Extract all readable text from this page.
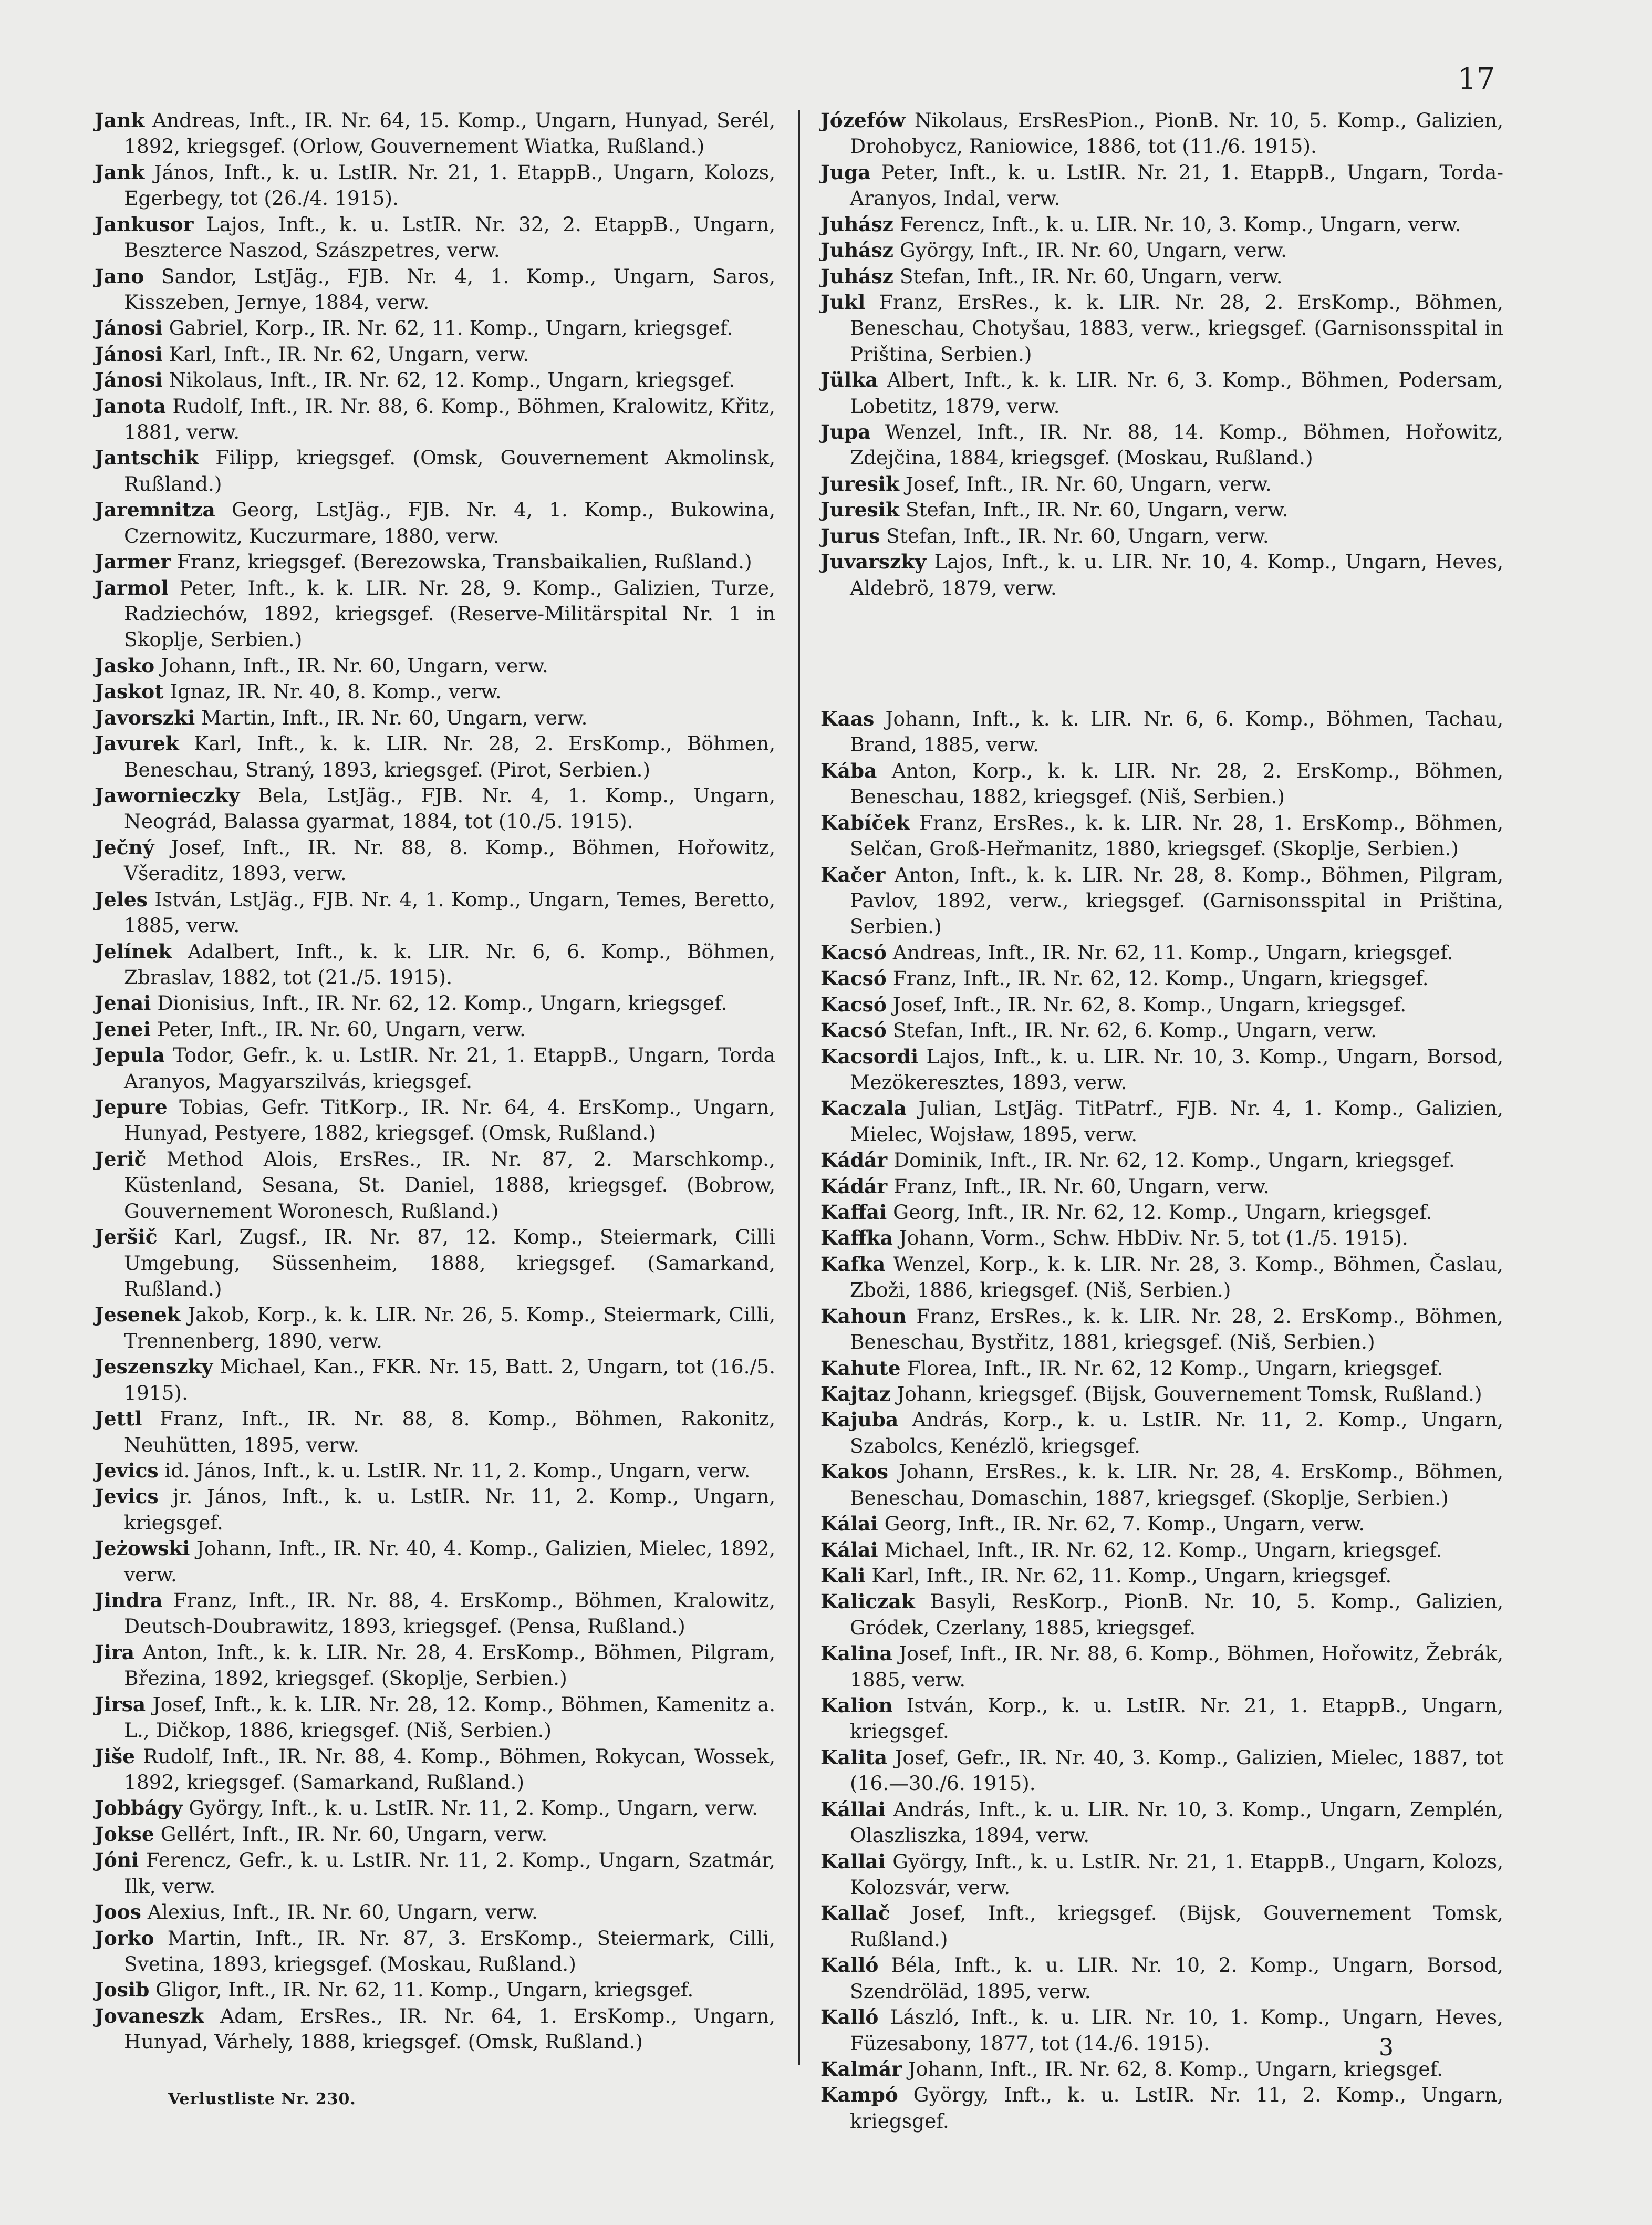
17

Jank Andreas, Inft., IR. Nr. 64, 15. Komp., Ungarn, Hunyad, Serél, 1892, kriegsgef. (Orlow, Gouvernement Wiatka, Rußland.)

Jank János, Inft., k. u. LstIR. Nr. 21, 1. EtappB., Ungarn, Kolozs, Egerbegy, tot (26./4. 1915).

Jankusor Lajos, Inft., k. u. LstIR. Nr. 32, 2. EtappB., Ungarn, Beszterce Naszod, Szászpetres, verw.

Jano Sandor, LstJäg., FJB. Nr. 4, 1. Komp., Ungarn, Saros, Kisszeben, Jernye, 1884, verw.

Jánosi Gabriel, Korp., IR. Nr. 62, 11. Komp., Ungarn, kriegsgef.

Jánosi Karl, Inft., IR. Nr. 62, Ungarn, verw.

Jánosi Nikolaus, Inft., IR. Nr. 62, 12. Komp., Ungarn, kriegsgef.

Janota Rudolf, Inft., IR. Nr. 88, 6. Komp., Böhmen, Kralowitz, Křitz, 1881, verw.

Jantschik Filipp, kriegsgef. (Omsk, Gouvernement Akmolinsk, Rußland.)

Jaremnitza Georg, LstJäg., FJB. Nr. 4, 1. Komp., Bukowina, Czernowitz, Kuczurmare, 1880, verw.

Jarmer Franz, kriegsgef. (Berezowska, Transbaikalien, Rußland.)

Jarmol Peter, Inft., k. k. LIR. Nr. 28, 9. Komp., Galizien, Turze, Radziechów, 1892, kriegsgef. (Reserve-Militärspital Nr. 1 in Skoplje, Serbien.)

Jasko Johann, Inft., IR. Nr. 60, Ungarn, verw.

Jaskot Ignaz, IR. Nr. 40, 8. Komp., verw.

Javorszki Martin, Inft., IR. Nr. 60, Ungarn, verw.

Javurek Karl, Inft., k. k. LIR. Nr. 28, 2. ErsKomp., Böhmen, Beneschau, Straný, 1893, kriegsgef. (Pirot, Serbien.)

Jawornieczky Bela, LstJäg., FJB. Nr. 4, 1. Komp., Ungarn, Neográd, Balassa gyarmat, 1884, tot (10./5. 1915).

Ječný Josef, Inft., IR. Nr. 88, 8. Komp., Böhmen, Hořowitz, Všeraditz, 1893, verw.

Jeles István, LstJäg., FJB. Nr. 4, 1. Komp., Ungarn, Temes, Beretto, 1885, verw.

Jelínek Adalbert, Inft., k. k. LIR. Nr. 6, 6. Komp., Böhmen, Zbraslav, 1882, tot (21./5. 1915).

Jenai Dionisius, Inft., IR. Nr. 62, 12. Komp., Ungarn, kriegsgef.

Jenei Peter, Inft., IR. Nr. 60, Ungarn, verw.

Jepula Todor, Gefr., k. u. LstIR. Nr. 21, 1. EtappB., Ungarn, Torda Aranyos, Magyarszilvás, kriegsgef.

Jepure Tobias, Gefr. TitKorp., IR. Nr. 64, 4. ErsKomp., Ungarn, Hunyad, Pestyere, 1882, kriegsgef. (Omsk, Rußland.)

Jerič Method Alois, ErsRes., IR. Nr. 87, 2. Marschkomp., Küstenland, Sesana, St. Daniel, 1888, kriegsgef. (Bobrow, Gouvernement Woronesch, Rußland.)

Jeršič Karl, Zugsf., IR. Nr. 87, 12. Komp., Steiermark, Cilli Umgebung, Süssenheim, 1888, kriegsgef. (Samarkand, Rußland.)

Jesenek Jakob, Korp., k. k. LIR. Nr. 26, 5. Komp., Steiermark, Cilli, Trennenberg, 1890, verw.

Jeszenszky Michael, Kan., FKR. Nr. 15, Batt. 2, Ungarn, tot (16./5. 1915).

Jettl Franz, Inft., IR. Nr. 88, 8. Komp., Böhmen, Rakonitz, Neuhütten, 1895, verw.

Jevics id. János, Inft., k. u. LstIR. Nr. 11, 2. Komp., Ungarn, verw.

Jevics jr. János, Inft., k. u. LstIR. Nr. 11, 2. Komp., Ungarn, kriegsgef.

Jeżowski Johann, Inft., IR. Nr. 40, 4. Komp., Galizien, Mielec, 1892, verw.

Jindra Franz, Inft., IR. Nr. 88, 4. ErsKomp., Böhmen, Kralowitz, Deutsch-Doubrawitz, 1893, kriegsgef. (Pensa, Rußland.)

Jira Anton, Inft., k. k. LIR. Nr. 28, 4. ErsKomp., Böhmen, Pilgram, Březina, 1892, kriegsgef. (Skoplje, Serbien.)

Jirsa Josef, Inft., k. k. LIR. Nr. 28, 12. Komp., Böhmen, Kamenitz a. L., Dičkop, 1886, kriegsgef. (Niš, Serbien.)

Jiše Rudolf, Inft., IR. Nr. 88, 4. Komp., Böhmen, Rokycan, Wossek, 1892, kriegsgef. (Samarkand, Rußland.)

Jobbágy György, Inft., k. u. LstIR. Nr. 11, 2. Komp., Ungarn, verw.

Jokse Gellért, Inft., IR. Nr. 60, Ungarn, verw.

Jóni Ferencz, Gefr., k. u. LstIR. Nr. 11, 2. Komp., Ungarn, Szatmár, Ilk, verw.

Joos Alexius, Inft., IR. Nr. 60, Ungarn, verw.

Jorko Martin, Inft., IR. Nr. 87, 3. ErsKomp., Steiermark, Cilli, Svetina, 1893, kriegsgef. (Moskau, Rußland.)

Josib Gligor, Inft., IR. Nr. 62, 11. Komp., Ungarn, kriegsgef.

Jovaneszk Adam, ErsRes., IR. Nr. 64, 1. ErsKomp., Ungarn, Hunyad, Várhely, 1888, kriegsgef. (Omsk, Rußland.)

Józefów Nikolaus, ErsResPion., PionB. Nr. 10, 5. Komp., Galizien, Drohobycz, Raniowice, 1886, tot (11./6. 1915).

Juga Peter, Inft., k. u. LstIR. Nr. 21, 1. EtappB., Ungarn, Torda-Aranyos, Indal, verw.

Juhász Ferencz, Inft., k. u. LIR. Nr. 10, 3. Komp., Ungarn, verw.

Juhász György, Inft., IR. Nr. 60, Ungarn, verw.

Juhász Stefan, Inft., IR. Nr. 60, Ungarn, verw.

Jukl Franz, ErsRes., k. k. LIR. Nr. 28, 2. ErsKomp., Böhmen, Beneschau, Chotyšau, 1883, verw., kriegsgef. (Garnisonsspital in Priština, Serbien.)

Jülka Albert, Inft., k. k. LIR. Nr. 6, 3. Komp., Böhmen, Podersam, Lobetitz, 1879, verw.

Jupa Wenzel, Inft., IR. Nr. 88, 14. Komp., Böhmen, Hořowitz, Zdejčina, 1884, kriegsgef. (Moskau, Rußland.)

Juresik Josef, Inft., IR. Nr. 60, Ungarn, verw.

Juresik Stefan, Inft., IR. Nr. 60, Ungarn, verw.

Jurus Stefan, Inft., IR. Nr. 60, Ungarn, verw.

Juvarszky Lajos, Inft., k. u. LIR. Nr. 10, 4. Komp., Ungarn, Heves, Aldebrö, 1879, verw.

Kaas Johann, Inft., k. k. LIR. Nr. 6, 6. Komp., Böhmen, Tachau, Brand, 1885, verw.

Kába Anton, Korp., k. k. LIR. Nr. 28, 2. ErsKomp., Böhmen, Beneschau, 1882, kriegsgef. (Niš, Serbien.)

Kabíček Franz, ErsRes., k. k. LIR. Nr. 28, 1. ErsKomp., Böhmen, Selčan, Groß-Heřmanitz, 1880, kriegsgef. (Skoplje, Serbien.)

Kačer Anton, Inft., k. k. LIR. Nr. 28, 8. Komp., Böhmen, Pilgram, Pavlov, 1892, verw., kriegsgef. (Garnisonsspital in Priština, Serbien.)

Kacsó Andreas, Inft., IR. Nr. 62, 11. Komp., Ungarn, kriegsgef.

Kacsó Franz, Inft., IR. Nr. 62, 12. Komp., Ungarn, kriegsgef.

Kacsó Josef, Inft., IR. Nr. 62, 8. Komp., Ungarn, kriegsgef.

Kacsó Stefan, Inft., IR. Nr. 62, 6. Komp., Ungarn, verw.

Kacsordi Lajos, Inft., k. u. LIR. Nr. 10, 3. Komp., Ungarn, Borsod, Mezökeresztes, 1893, verw.

Kaczala Julian, LstJäg. TitPatrf., FJB. Nr. 4, 1. Komp., Galizien, Mielec, Wojsław, 1895, verw.

Kádár Dominik, Inft., IR. Nr. 62, 12. Komp., Ungarn, kriegsgef.

Kádár Franz, Inft., IR. Nr. 60, Ungarn, verw.

Kaffai Georg, Inft., IR. Nr. 62, 12. Komp., Ungarn, kriegsgef.

Kaffka Johann, Vorm., Schw. HbDiv. Nr. 5, tot (1./5. 1915).

Kafka Wenzel, Korp., k. k. LIR. Nr. 28, 3. Komp., Böhmen, Časlau, Zboži, 1886, kriegsgef. (Niš, Serbien.)

Kahoun Franz, ErsRes., k. k. LIR. Nr. 28, 2. ErsKomp., Böhmen, Beneschau, Bystřitz, 1881, kriegsgef. (Niš, Serbien.)

Kahute Florea, Inft., IR. Nr. 62, 12 Komp., Ungarn, kriegsgef.

Kajtaz Johann, kriegsgef. (Bijsk, Gouvernement Tomsk, Rußland.)

Kajuba András, Korp., k. u. LstIR. Nr. 11, 2. Komp., Ungarn, Szabolcs, Kenézlö, kriegsgef.

Kakos Johann, ErsRes., k. k. LIR. Nr. 28, 4. ErsKomp., Böhmen, Beneschau, Domaschin, 1887, kriegsgef. (Skoplje, Serbien.)

Kálai Georg, Inft., IR. Nr. 62, 7. Komp., Ungarn, verw.

Kálai Michael, Inft., IR. Nr. 62, 12. Komp., Ungarn, kriegsgef.

Kali Karl, Inft., IR. Nr. 62, 11. Komp., Ungarn, kriegsgef.

Kaliczak Basyli, ResKorp., PionB. Nr. 10, 5. Komp., Galizien, Gródek, Czerlany, 1885, kriegsgef.

Kalina Josef, Inft., IR. Nr. 88, 6. Komp., Böhmen, Hořowitz, Žebrák, 1885, verw.

Kalion István, Korp., k. u. LstIR. Nr. 21, 1. EtappB., Ungarn, kriegsgef.

Kalita Josef, Gefr., IR. Nr. 40, 3. Komp., Galizien, Mielec, 1887, tot (16.—30./6. 1915).

Kállai András, Inft., k. u. LIR. Nr. 10, 3. Komp., Ungarn, Zemplén, Olaszliszka, 1894, verw.

Kallai György, Inft., k. u. LstIR. Nr. 21, 1. EtappB., Ungarn, Kolozs, Kolozsvár, verw.

Kallač Josef, Inft., kriegsgef. (Bijsk, Gouvernement Tomsk, Rußland.)

Kalló Béla, Inft., k. u. LIR. Nr. 10, 2. Komp., Ungarn, Borsod, Szendröläd, 1895, verw.

Kalló László, Inft., k. u. LIR. Nr. 10, 1. Komp., Ungarn, Heves, Füzesabony, 1877, tot (14./6. 1915).

Kalmár Johann, Inft., IR. Nr. 62, 8. Komp., Ungarn, kriegsgef.

Kampó György, Inft., k. u. LstIR. Nr. 11, 2. Komp., Ungarn, kriegsgef.

Verlustliste Nr. 230.
3
